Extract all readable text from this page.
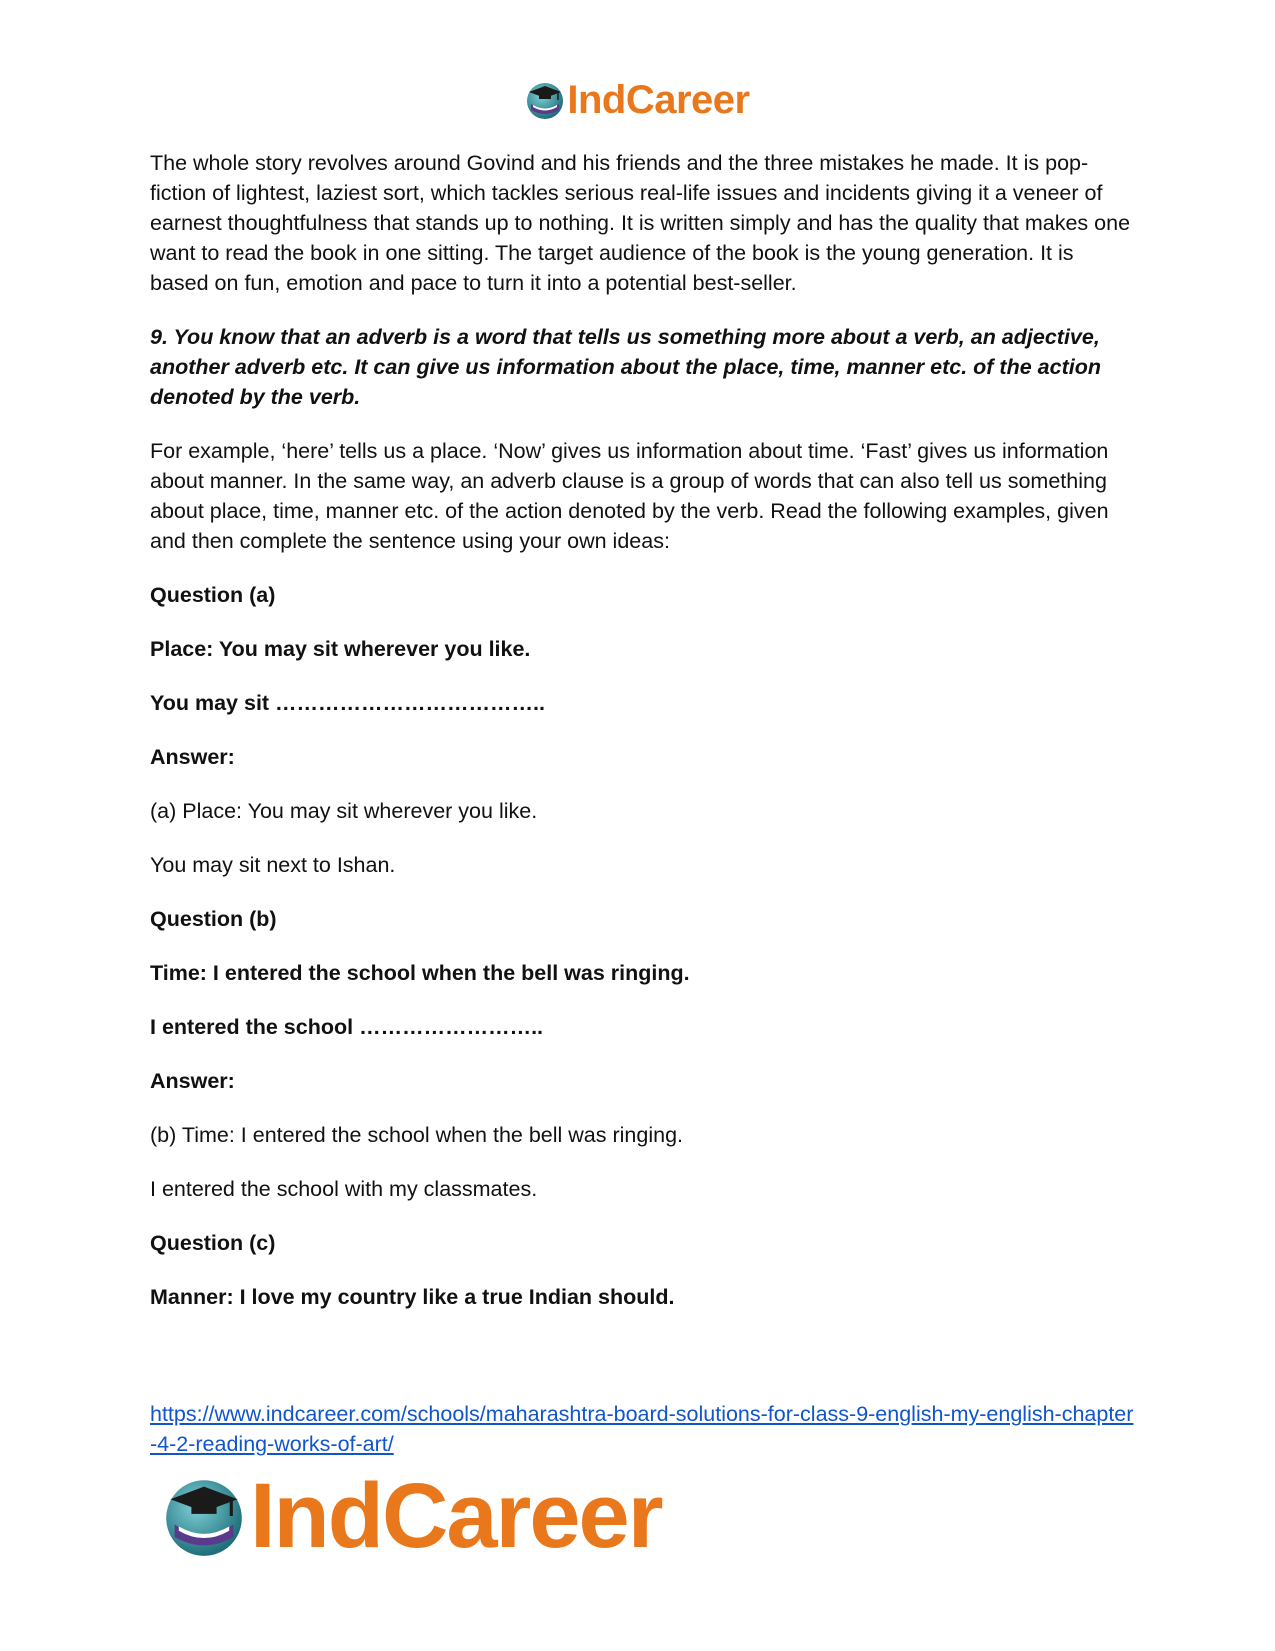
IndCareer

The whole story revolves around Govind and his friends and the three mistakes he made. It is pop- fiction of lightest, laziest sort, which tackles serious real-life issues and incidents giving it a veneer of earnest thoughtfulness that stands up to nothing. It is written simply and has the quality that makes one want to read the book in one sitting. The target audience of the book is the young generation. It is based on fun, emotion and pace to turn it into a potential best-seller.

9. You know that an adverb is a word that tells us something more about a verb, an adjective, another adverb etc. It can give us information about the place, time, manner etc. of the action denoted by the verb.

For example, ‘here’ tells us a place. ‘Now’ gives us information about time. ‘Fast’ gives us information about manner. In the same way, an adverb clause is a group of words that can also tell us something about place, time, manner etc. of the action denoted by the verb. Read the following examples, given and then complete the sentence using your own ideas:

Question (a)

Place: You may sit wherever you like.

You may sit ………………………………..

Answer:

(a) Place: You may sit wherever you like.

You may sit next to Ishan.

Question (b)

Time: I entered the school when the bell was ringing.

I entered the school ……………………..

Answer:

(b) Time: I entered the school when the bell was ringing.

I entered the school with my classmates.

Question (c)

Manner: I love my country like a true Indian should.

https://www.indcareer.com/schools/maharashtra-board-solutions-for-class-9-english-my-english-chapter-4-2-reading-works-of-art/
IndCareer
